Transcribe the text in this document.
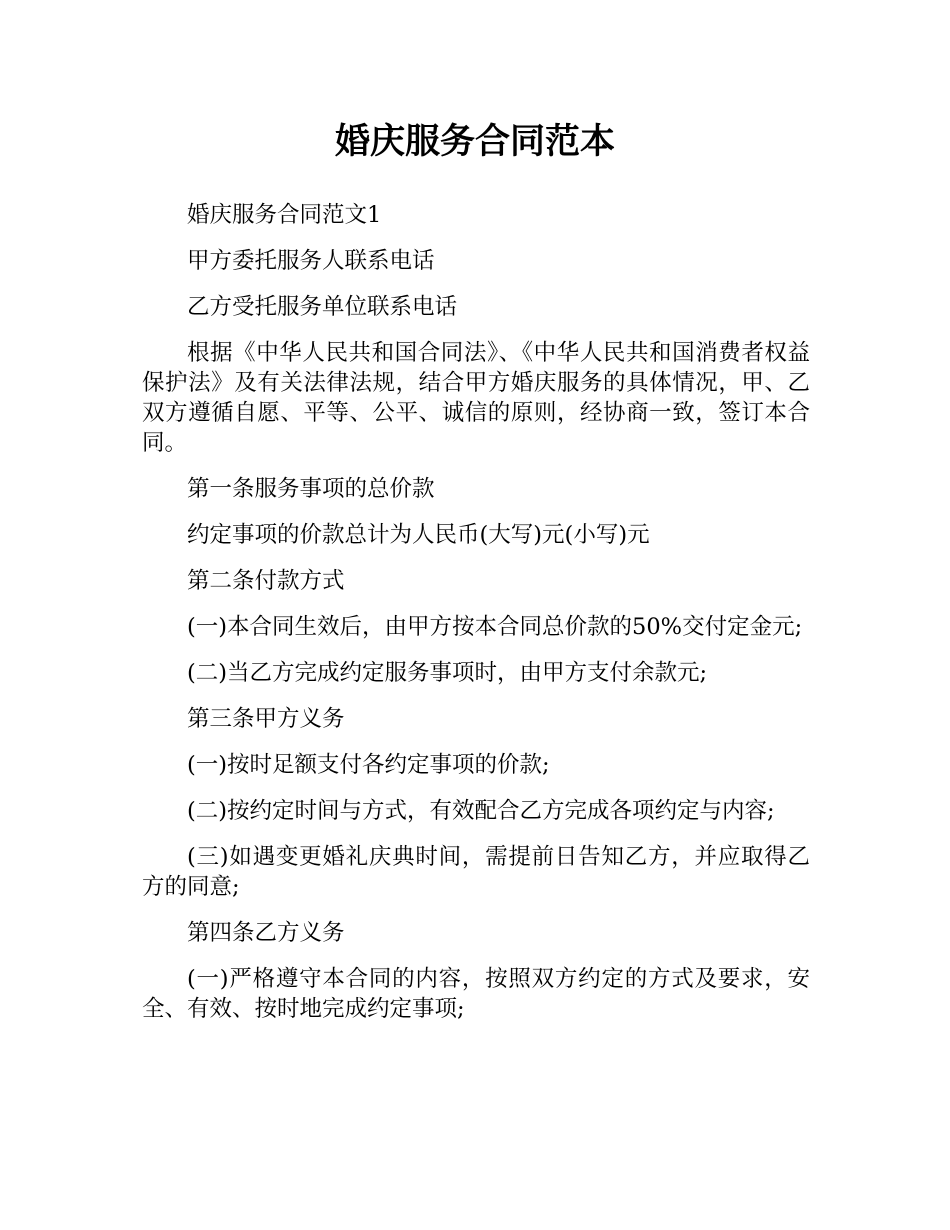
婚庆服务合同范本

婚庆服务合同范文1

甲方委托服务人联系电话

乙方受托服务单位联系电话

根据《中华人民共和国合同法》、《中华人民共和国消费者权益保护法》及有关法律法规，结合甲方婚庆服务的具体情况，甲、乙双方遵循自愿、平等、公平、诚信的原则，经协商一致，签订本合同。

第一条服务事项的总价款

约定事项的价款总计为人民币(大写)元(小写)元

第二条付款方式

(一)本合同生效后，由甲方按本合同总价款的50%交付定金元;

(二)当乙方完成约定服务事项时，由甲方支付余款元;

第三条甲方义务

(一)按时足额支付各约定事项的价款;

(二)按约定时间与方式，有效配合乙方完成各项约定与内容;

(三)如遇变更婚礼庆典时间，需提前日告知乙方，并应取得乙方的同意;

第四条乙方义务

(一)严格遵守本合同的内容，按照双方约定的方式及要求，安全、有效、按时地完成约定事项;
